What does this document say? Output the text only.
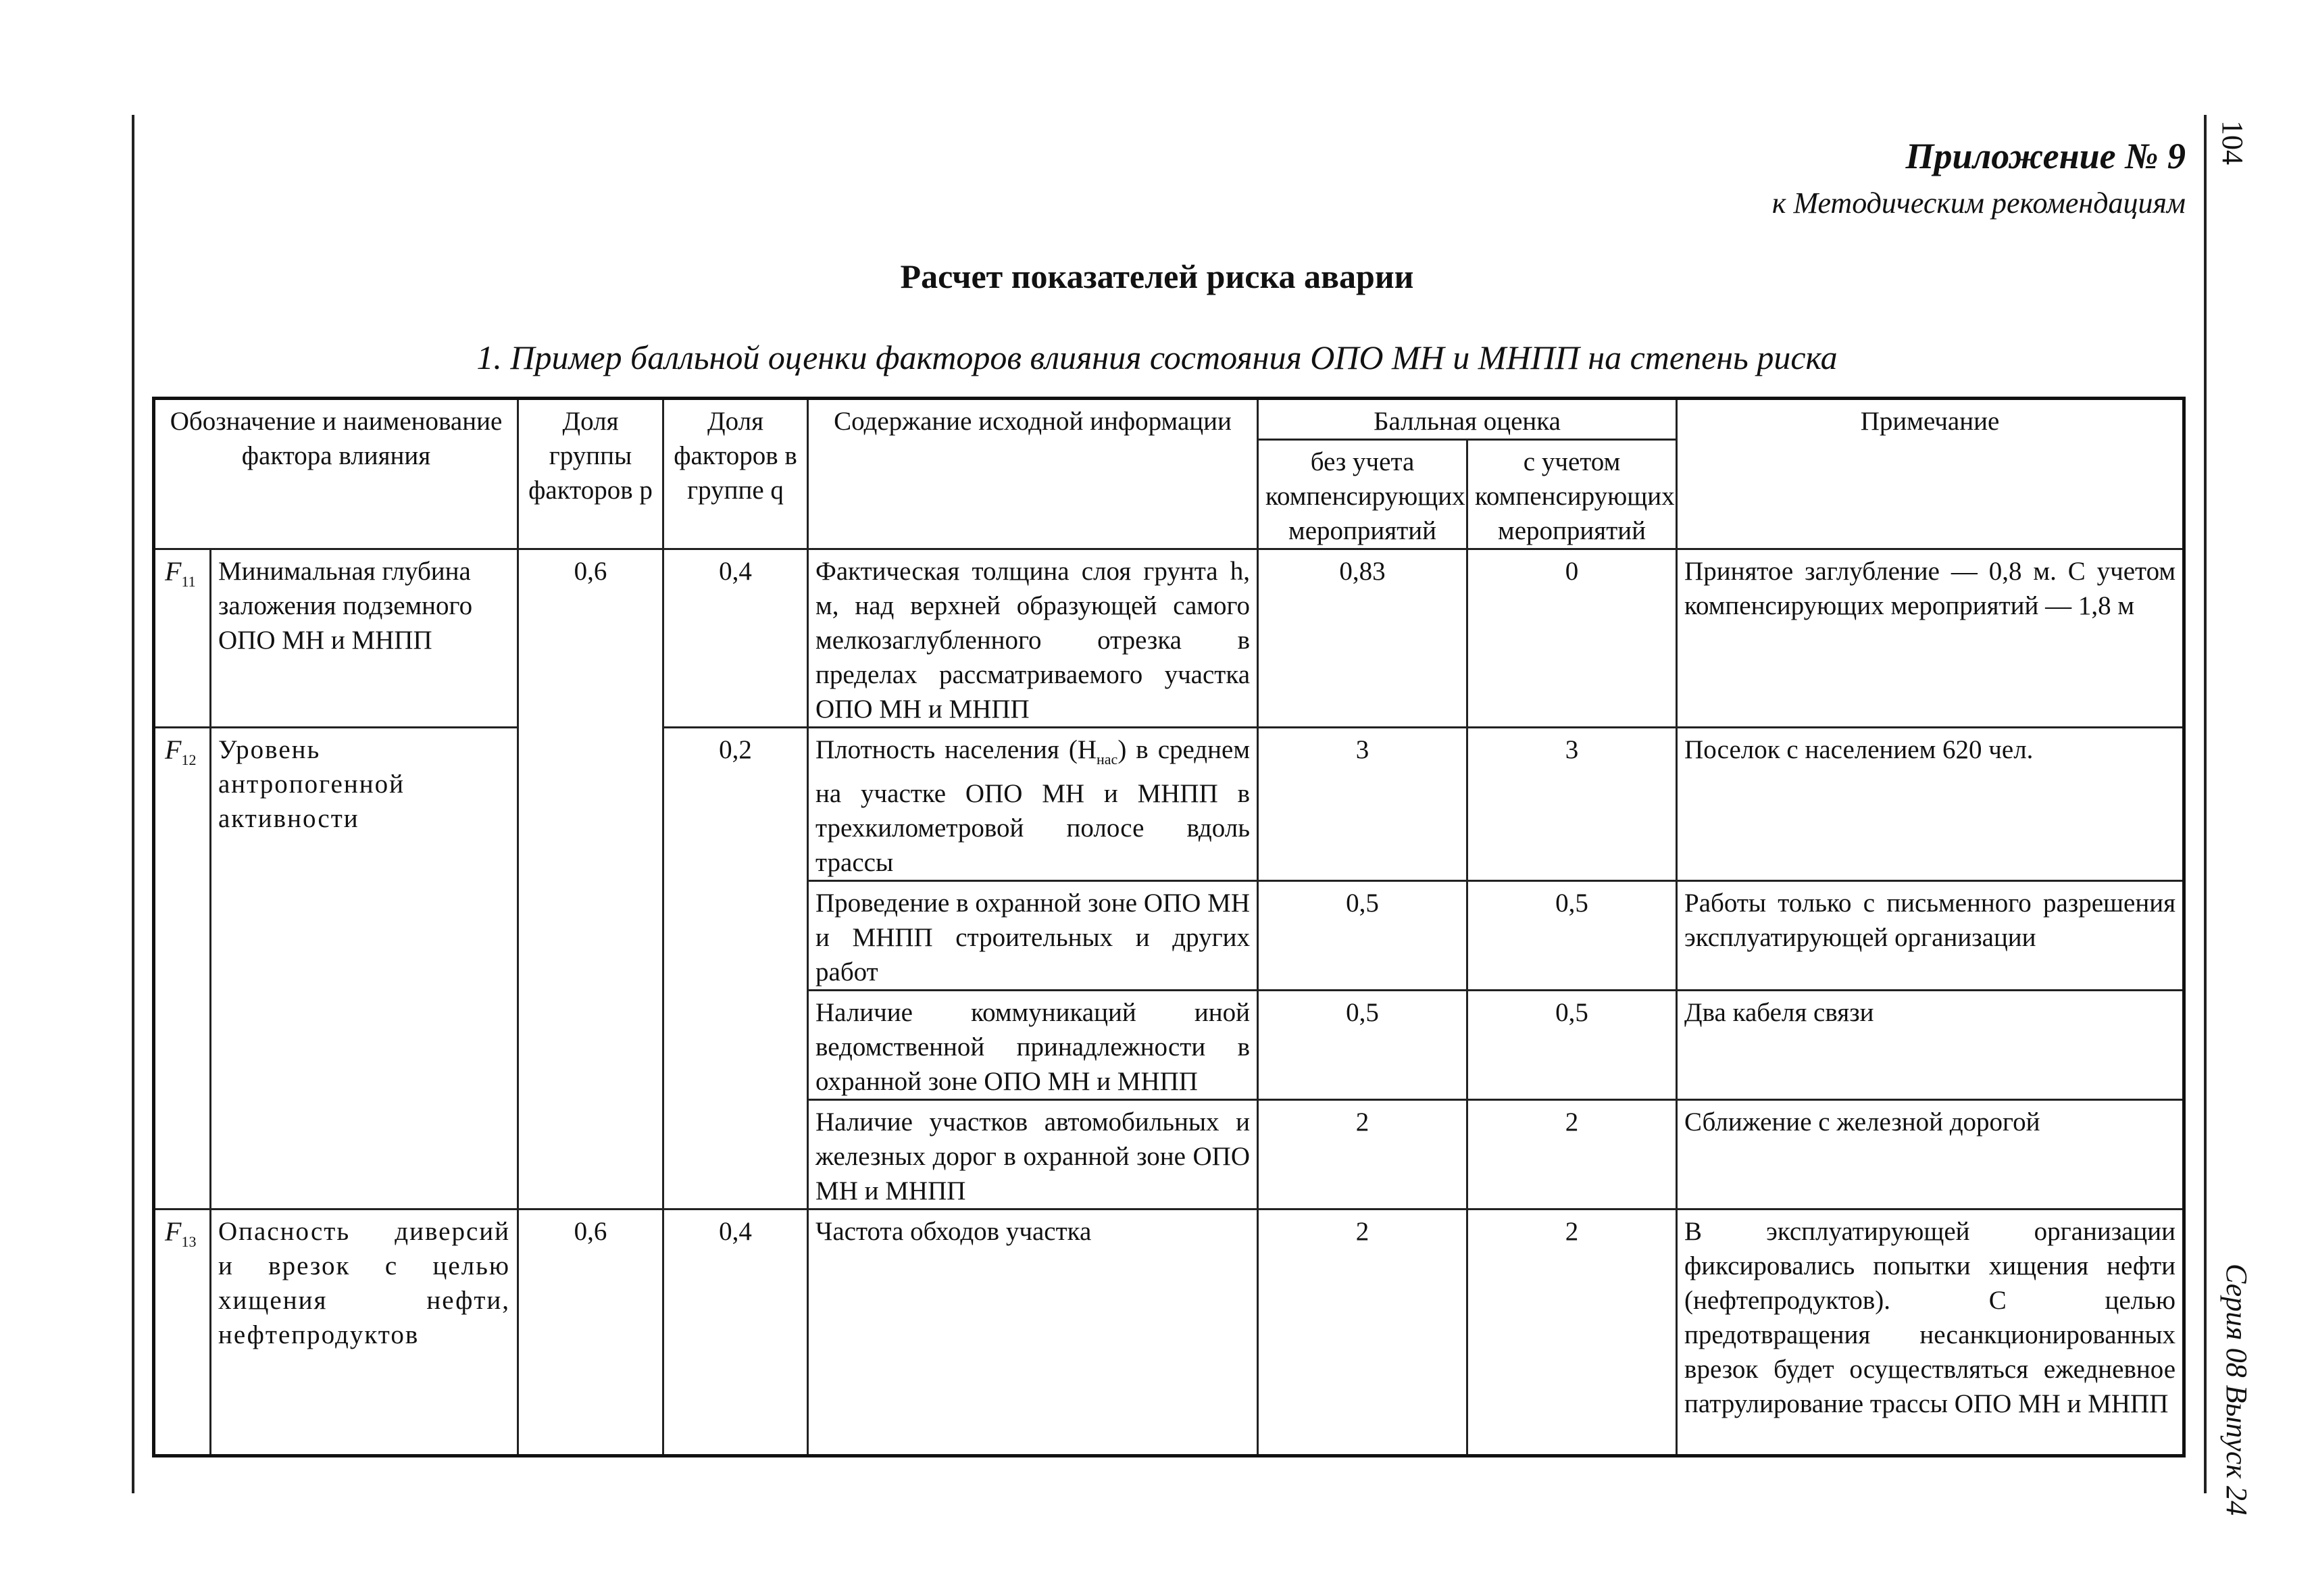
104
Серия 08 Выпуск 24
Приложение № 9
к Методическим рекомендациям
Расчет показателей риска аварии
1. Пример балльной оценки факторов влияния состояния ОПО МН и МНПП на степень риска
Обозначение и наименование фактора влияния		Доля группы факторов p	Доля факторов в группе q	Содержание исходной информации	Балльная оценка		Примечание
					без учета компенсирующих мероприятий	с учетом компенсирующих мероприятий	
$F_{11}$	Минимальная глубина заложения подземного ОПО МН и МНПП	0,6	0,4	Фактическая толщина слоя грунта h, м, над верхней образующей самого мелкозаглубленного отрезка в пределах рассматриваемого участка ОПО МН и МНПП	0,83	0	Принятое заглубление — 0,8 м. С учетом компенсирующих мероприятий — 1,8 м
$F_{12}$	Уровень антропогенной активности		0,2	Плотность населения $(H_{нас})$ в среднем на участке ОПО МН и МНПП в трехкилометровой полосе вдоль трассы	3	3	Поселок с населением 620 чел.
				Проведение в охранной зоне ОПО МН и МНПП строительных и других работ	0,5	0,5	Работы только с письменного разрешения эксплуатирующей организации
				Наличие коммуникаций иной ведомственной принадлежности в охранной зоне ОПО МН и МНПП	0,5	0,5	Два кабеля связи
				Наличие участков автомобильных и железных дорог в охранной зоне ОПО МН и МНПП	2	2	Сближение с железной дорогой
$F_{13}$	Опасность диверсий и врезок с целью хищения нефти, нефтепродуктов	0,6	0,4	Частота обходов участка	2	2	В эксплуатирующей организации фиксировались попытки хищения нефти (нефтепродуктов). С целью предотвращения несанкционированных врезок будет осуществляться ежедневное патрулирование трассы ОПО МН и МНПП
